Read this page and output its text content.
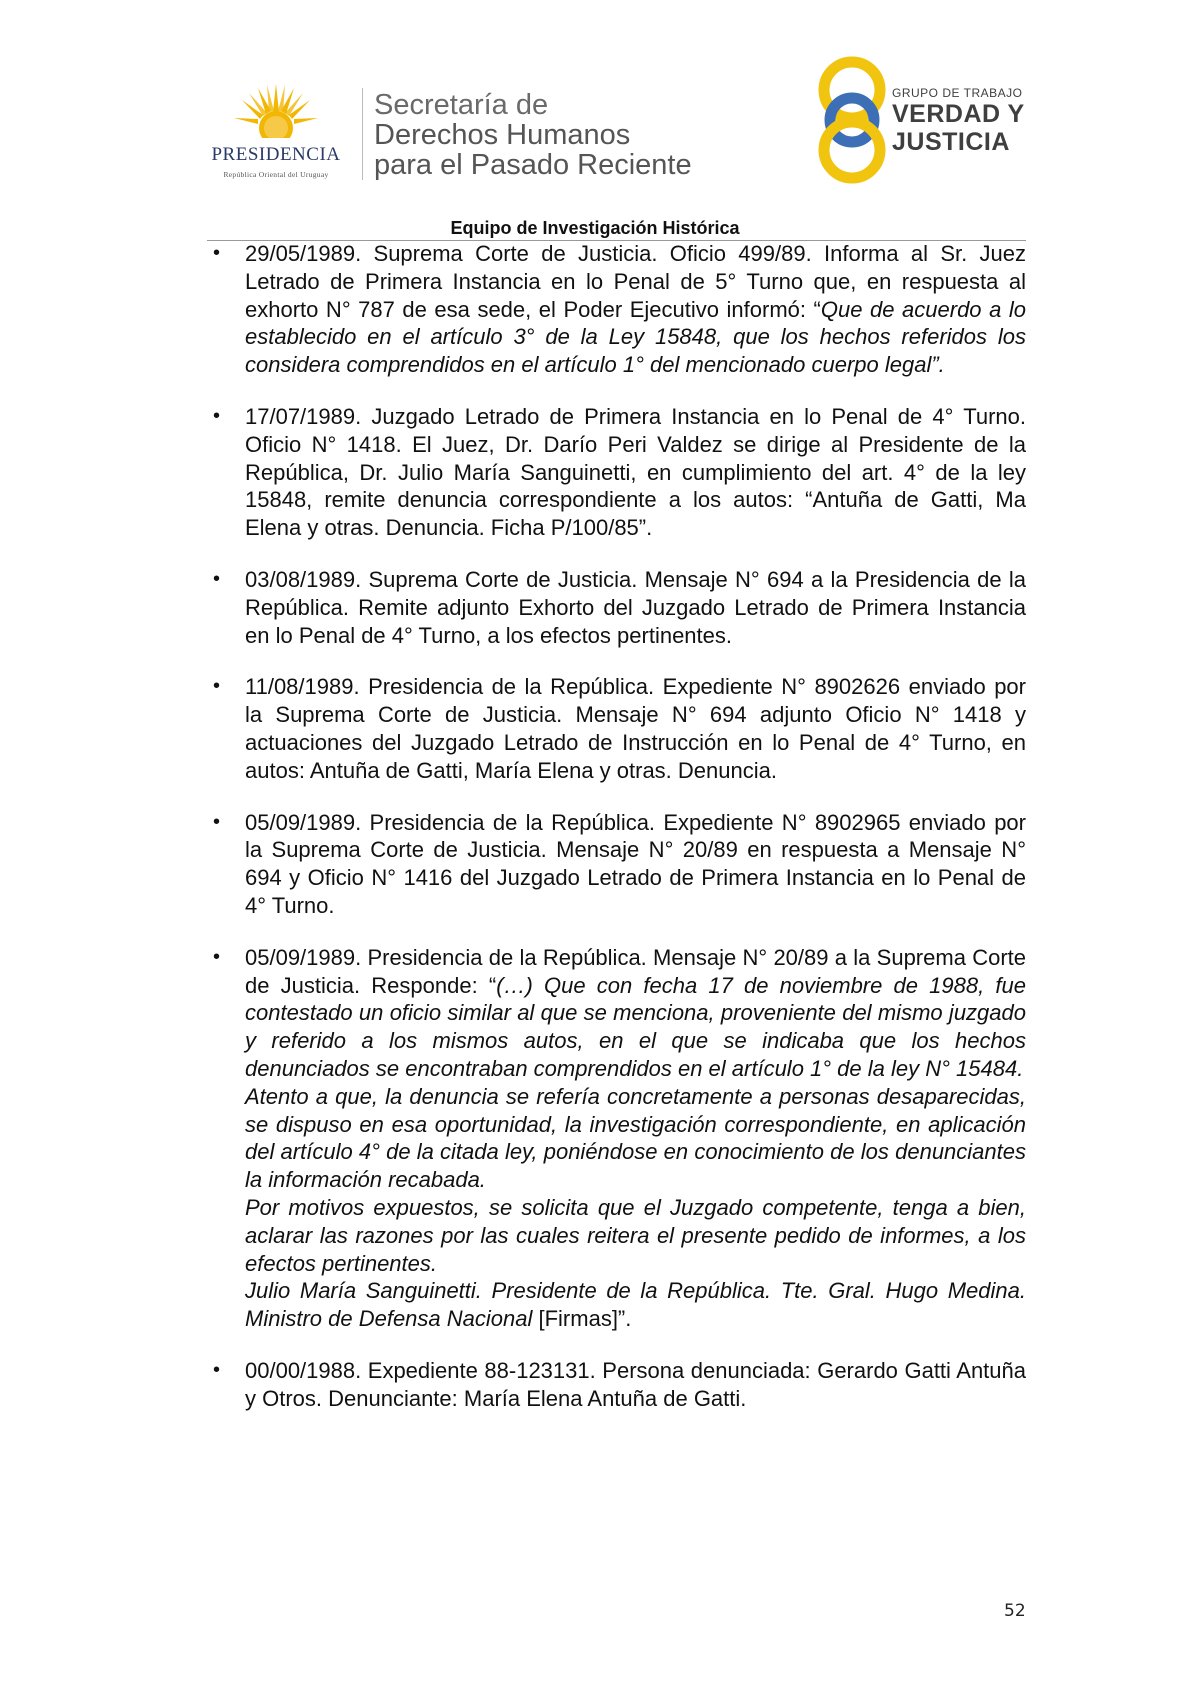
PRESIDENCIA
República Oriental del Uruguay
Secretaría de
Derechos Humanos
para el Pasado Reciente
GRUPO DE TRABAJO
VERDAD Y
JUSTICIA
Equipo de Investigación Histórica
• 29/05/1989. Suprema Corte de Justicia. Oficio 499/89. Informa al Sr. Juez Letrado de Primera Instancia en lo Penal de 5° Turno que, en respuesta al exhorto N° 787 de esa sede, el Poder Ejecutivo informó: “Que de acuerdo a lo establecido en el artículo 3° de la Ley 15848, que los hechos referidos los considera comprendidos en el artículo 1° del mencionado cuerpo legal”.

• 17/07/1989. Juzgado Letrado de Primera Instancia en lo Penal de 4° Turno. Oficio N° 1418. El Juez, Dr. Darío Peri Valdez se dirige al Presidente de la República, Dr. Julio María Sanguinetti, en cumplimiento del art. 4° de la ley 15848, remite denuncia correspondiente a los autos: “Antuña de Gatti, Ma Elena y otras. Denuncia. Ficha P/100/85”.

• 03/08/1989. Suprema Corte de Justicia. Mensaje N° 694 a la Presidencia de la República. Remite adjunto Exhorto del Juzgado Letrado de Primera Instancia en lo Penal de 4° Turno, a los efectos pertinentes.

• 11/08/1989. Presidencia de la República. Expediente N° 8902626 enviado por la Suprema Corte de Justicia. Mensaje N° 694 adjunto Oficio N° 1418 y actuaciones del Juzgado Letrado de Instrucción en lo Penal de 4° Turno, en autos: Antuña de Gatti, María Elena y otras. Denuncia.

• 05/09/1989. Presidencia de la República. Expediente N° 8902965 enviado por la Suprema Corte de Justicia. Mensaje N° 20/89 en respuesta a Mensaje N° 694 y Oficio N° 1416 del Juzgado Letrado de Primera Instancia en lo Penal de 4° Turno.

• 05/09/1989. Presidencia de la República. Mensaje N° 20/89 a la Suprema Corte de Justicia. Responde: “(…) Que con fecha 17 de noviembre de 1988, fue contestado un oficio similar al que se menciona, proveniente del mismo juzgado y referido a los mismos autos, en el que se indicaba que los hechos denunciados se encontraban comprendidos en el artículo 1° de la ley N° 15484.

Atento a que, la denuncia se refería concretamente a personas desaparecidas, se dispuso en esa oportunidad, la investigación correspondiente, en aplicación del artículo 4° de la citada ley, poniéndose en conocimiento de los denunciantes la información recabada.

Por motivos expuestos, se solicita que el Juzgado competente, tenga a bien, aclarar las razones por las cuales reitera el presente pedido de informes, a los efectos pertinentes.

Julio María Sanguinetti. Presidente de la República. Tte. Gral. Hugo Medina. Ministro de Defensa Nacional [Firmas]”.

• 00/00/1988. Expediente 88-123131. Persona denunciada: Gerardo Gatti Antuña y Otros. Denunciante: María Elena Antuña de Gatti.

52
